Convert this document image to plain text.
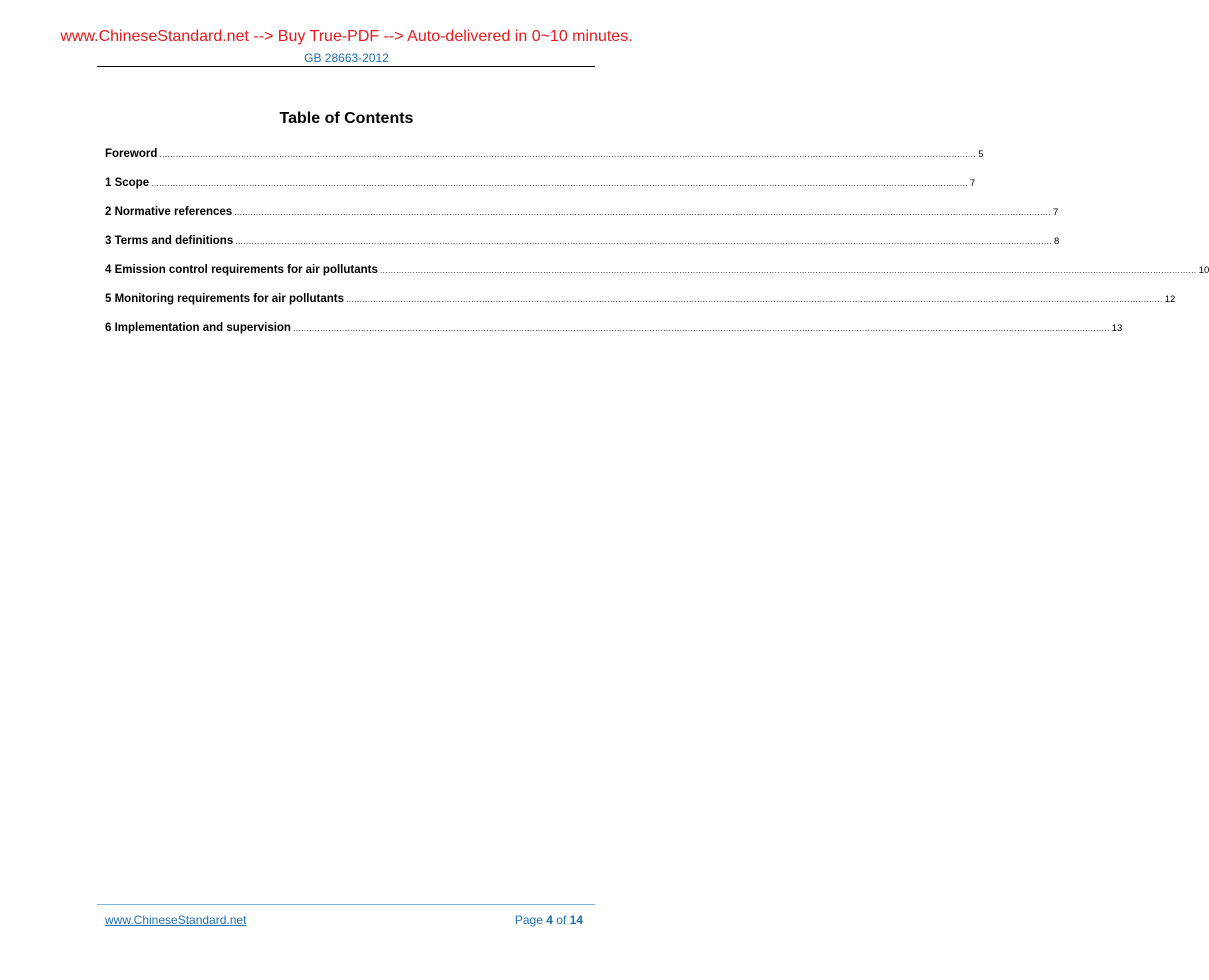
www.ChineseStandard.net --> Buy True-PDF --> Auto-delivered in 0~10 minutes.
GB 28663-2012
Table of Contents
Foreword ............................................................................................................................................................................................................................................................................................................ 5
1 Scope ............................................................................................................................................................................................................................................................................................................ 7
2 Normative references ............................................................................................................................................................................................................................................................................................................ 7
3 Terms and definitions ............................................................................................................................................................................................................................................................................................................ 8
4 Emission control requirements for air pollutants ............................................................................................................................................................................................................................................................................................................ 10
5 Monitoring requirements for air pollutants ............................................................................................................................................................................................................................................................................................................ 12
6 Implementation and supervision ............................................................................................................................................................................................................................................................................................................ 13
www.ChineseStandard.net	Page 4 of 14
